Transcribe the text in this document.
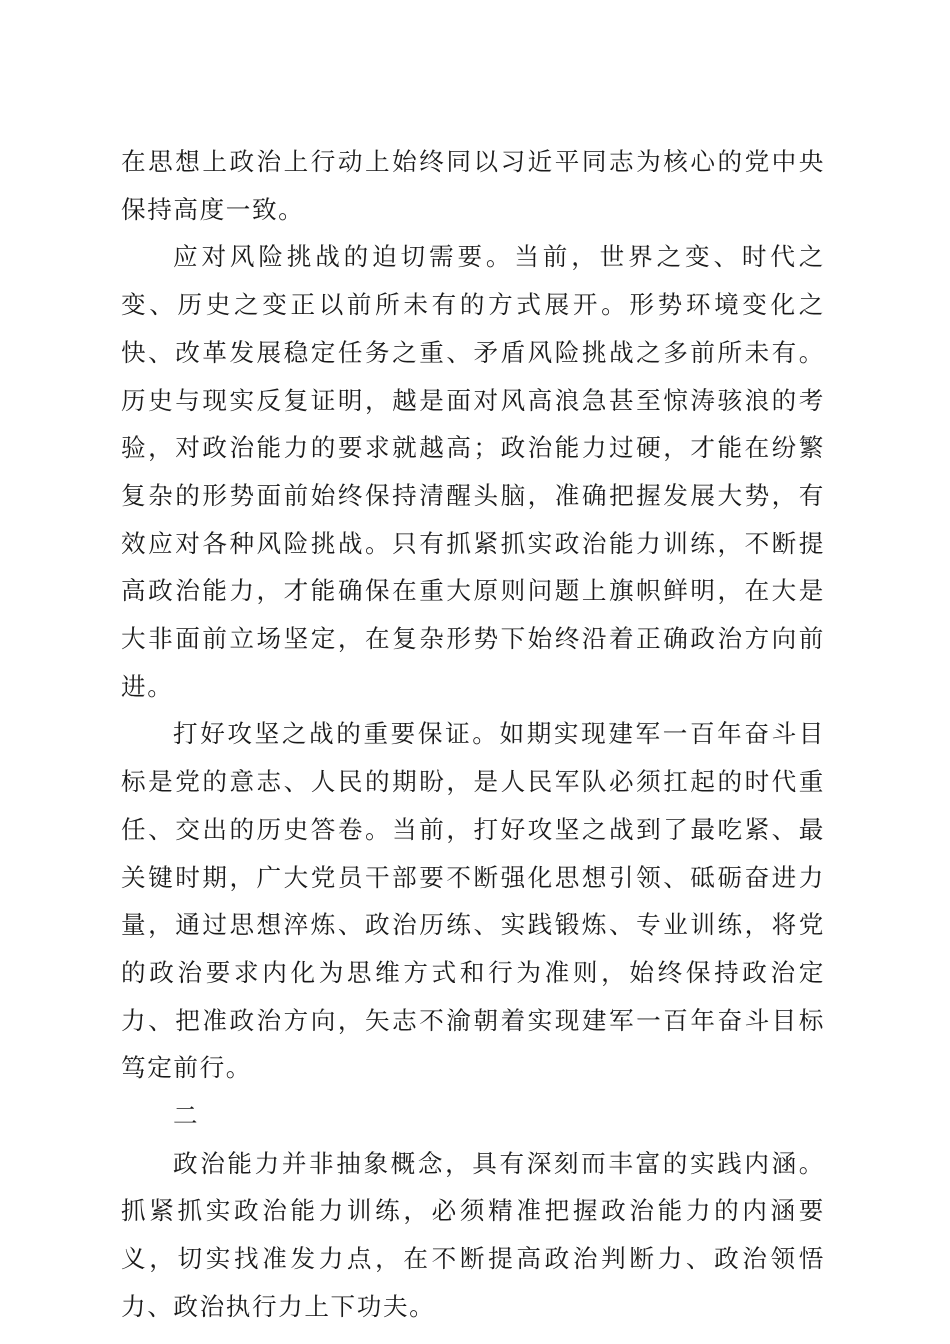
在思想上政治上行动上始终同以习近平同志为核心的党中央保持高度一致。

应对风险挑战的迫切需要。当前，世界之变、时代之变、历史之变正以前所未有的方式展开。形势环境变化之快、改革发展稳定任务之重、矛盾风险挑战之多前所未有。历史与现实反复证明，越是面对风高浪急甚至惊涛骇浪的考验，对政治能力的要求就越高；政治能力过硬，才能在纷繁复杂的形势面前始终保持清醒头脑，准确把握发展大势，有效应对各种风险挑战。只有抓紧抓实政治能力训练，不断提高政治能力，才能确保在重大原则问题上旗帜鲜明，在大是大非面前立场坚定，在复杂形势下始终沿着正确政治方向前进。

打好攻坚之战的重要保证。如期实现建军一百年奋斗目标是党的意志、人民的期盼，是人民军队必须扛起的时代重任、交出的历史答卷。当前，打好攻坚之战到了最吃紧、最关键时期，广大党员干部要不断强化思想引领、砥砺奋进力量，通过思想淬炼、政治历练、实践锻炼、专业训练，将党的政治要求内化为思维方式和行为准则，始终保持政治定力、把准政治方向，矢志不渝朝着实现建军一百年奋斗目标笃定前行。

二

政治能力并非抽象概念，具有深刻而丰富的实践内涵。抓紧抓实政治能力训练，必须精准把握政治能力的内涵要义，切实找准发力点，在不断提高政治判断力、政治领悟力、政治执行力上下功夫。
